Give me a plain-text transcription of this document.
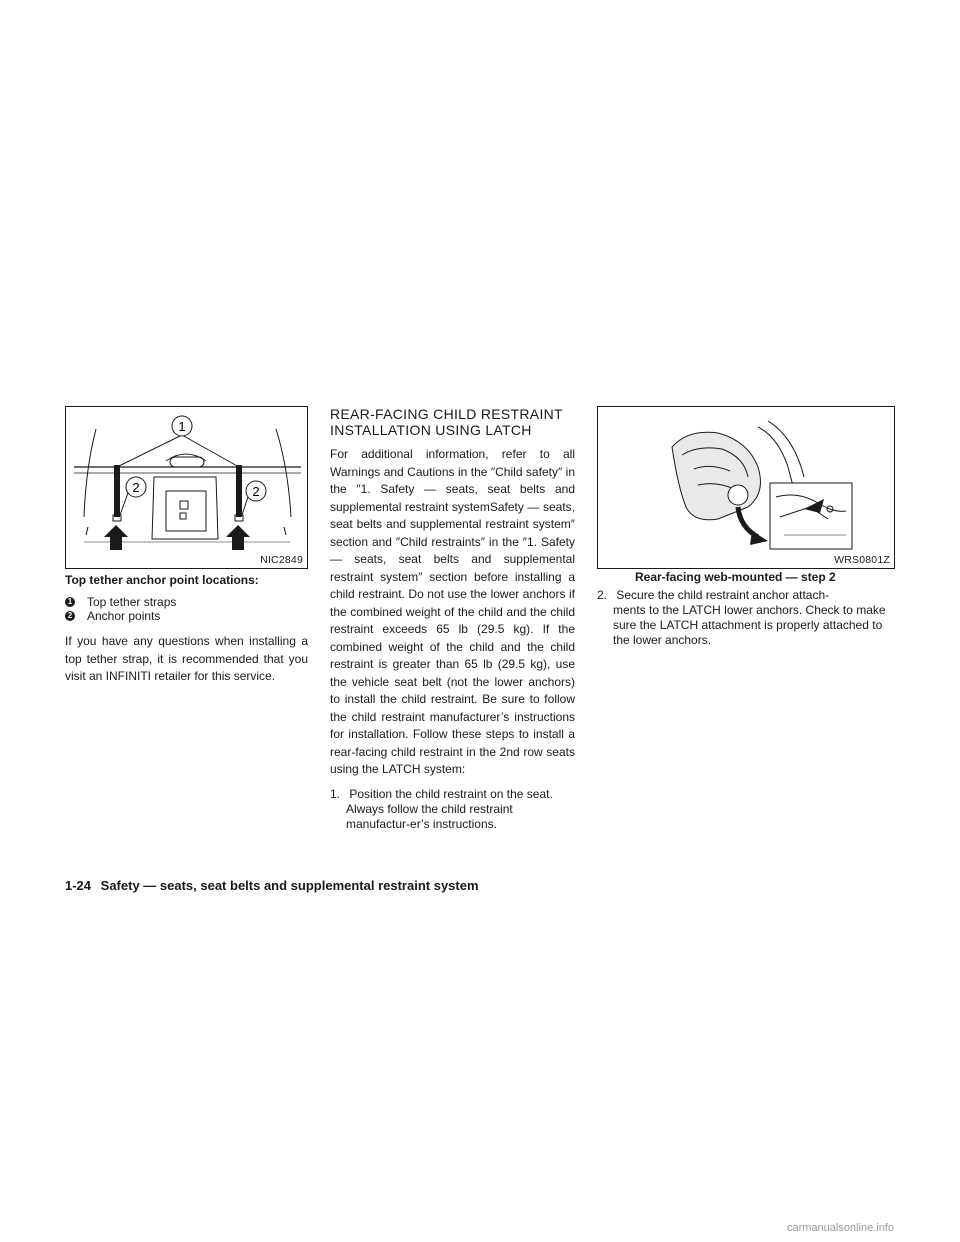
1
2	2
NIC2849
Top tether anchor point locations:
1 Top tether straps
2 Anchor points

If you have any questions when installing a top tether strap, it is recommended that you visit an INFINITI retailer for this service.

REAR-FACING CHILD RESTRAINT INSTALLATION USING LATCH

For additional information, refer to all Warnings and Cautions in the ″Child safety″ in the ″1. Safety — seats, seat belts and supplemental restraint systemSafety — seats, seat belts and supplemental restraint system″ section and ″Child restraints″ in the ″1. Safety — seats, seat belts and supplemental restraint system″ section before installing a child restraint. Do not use the lower anchors if the combined weight of the child and the child restraint exceeds 65 lb (29.5 kg). If the combined weight of the child and the child restraint is greater than 65 lb (29.5 kg), use the vehicle seat belt (not the lower anchors) to install the child restraint. Be sure to follow the child restraint manufacturer’s instructions for installation. Follow these steps to install a rear-facing child restraint in the 2nd row seats using the LATCH system:

1. Position the child restraint on the seat.
Always follow the child restraint manufactur-er’s instructions.
WRS0801Z
Rear-facing web-mounted — step 2
2. Secure the child restraint anchor attach-
ments to the LATCH lower anchors. Check to make sure the LATCH attachment is properly attached to the lower anchors.
1-24 Safety — seats, seat belts and supplemental restraint system
carmanualsonline.info
